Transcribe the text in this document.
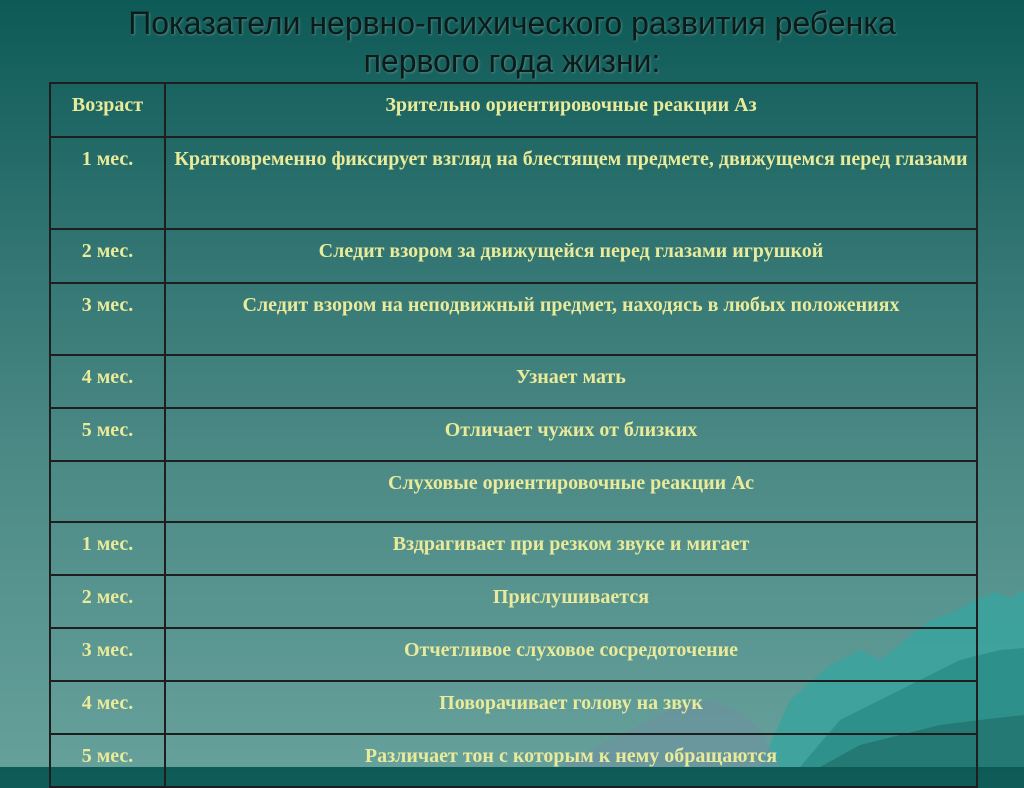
Показатели нервно-психического развития ребенка
первого года жизни:
Возраст	Зрительно ориентировочные реакции Аз
1 мес.	Кратковременно фиксирует взгляд на блестящем предмете, движущемся перед глазами
2 мес.	Следит взором за движущейся перед глазами игрушкой
3 мес.	Следит взором на неподвижный предмет, находясь в любых положениях
4 мес.	Узнает мать
5 мес.	Отличает чужих от близких
	Слуховые ориентировочные реакции Ас
1 мес.	Вздрагивает при резком звуке и мигает
2 мес.	Прислушивается
3 мес.	Отчетливое слуховое сосредоточение
4 мес.	Поворачивает голову на звук
5 мес.	Различает тон с которым к нему обращаются
